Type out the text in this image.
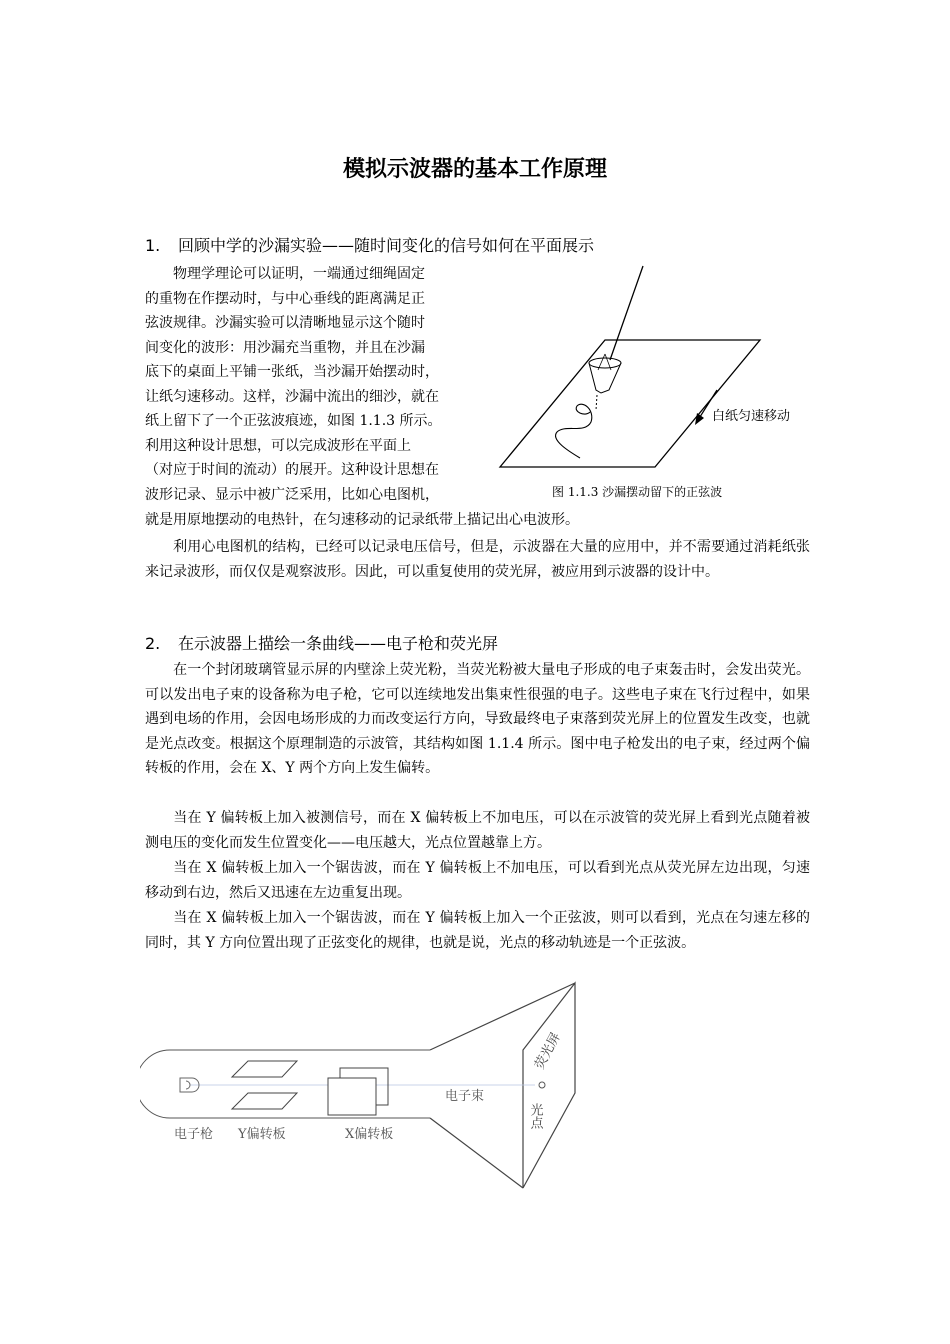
模拟示波器的基本工作原理
1. 回顾中学的沙漏实验——随时间变化的信号如何在平面展示
物理学理论可以证明，一端通过细绳固定
的重物在作摆动时，与中心垂线的距离满足正
弦波规律。沙漏实验可以清晰地显示这个随时
间变化的波形：用沙漏充当重物，并且在沙漏
底下的桌面上平铺一张纸，当沙漏开始摆动时，
让纸匀速移动。这样，沙漏中流出的细沙，就在
纸上留下了一个正弦波痕迹，如图 1.1.3 所示。
利用这种设计思想，可以完成波形在平面上
（对应于时间的流动）的展开。这种设计思想在
波形记录、显示中被广泛采用，比如心电图机，
就是用原地摆动的电热针，在匀速移动的记录纸带上描记出心电波形。
利用心电图机的结构，已经可以记录电压信号，但是，示波器在大量的应用中，并不需要通过消耗纸张来记录波形，而仅仅是观察波形。因此，可以重复使用的荧光屏，被应用到示波器的设计中。
白纸匀速移动
图 1.1.3 沙漏摆动留下的正弦波
2. 在示波器上描绘一条曲线——电子枪和荧光屏
在一个封闭玻璃管显示屏的内壁涂上荧光粉，当荧光粉被大量电子形成的电子束轰击时，会发出荧光。可以发出电子束的设备称为电子枪，它可以连续地发出集束性很强的电子。这些电子束在飞行过程中，如果遇到电场的作用，会因电场形成的力而改变运行方向，导致最终电子束落到荧光屏上的位置发生改变，也就是光点改变。根据这个原理制造的示波管，其结构如图 1.1.4 所示。图中电子枪发出的电子束，经过两个偏转板的作用，会在 X、Y 两个方向上发生偏转。
当在 Y 偏转板上加入被测信号，而在 X 偏转板上不加电压，可以在示波管的荧光屏上看到光点随着被测电压的变化而发生位置变化——电压越大，光点位置越靠上方。
当在 X 偏转板上加入一个锯齿波，而在 Y 偏转板上不加电压，可以看到光点从荧光屏左边出现，匀速移动到右边，然后又迅速在左边重复出现。
当在 X 偏转板上加入一个锯齿波，而在 Y 偏转板上加入一个正弦波，则可以看到，光点在匀速左移的同时，其 Y 方向位置出现了正弦变化的规律，也就是说，光点的移动轨迹是一个正弦波。
电子枪 Y偏转板	X偏转板
电子束
荧光屏
光点
